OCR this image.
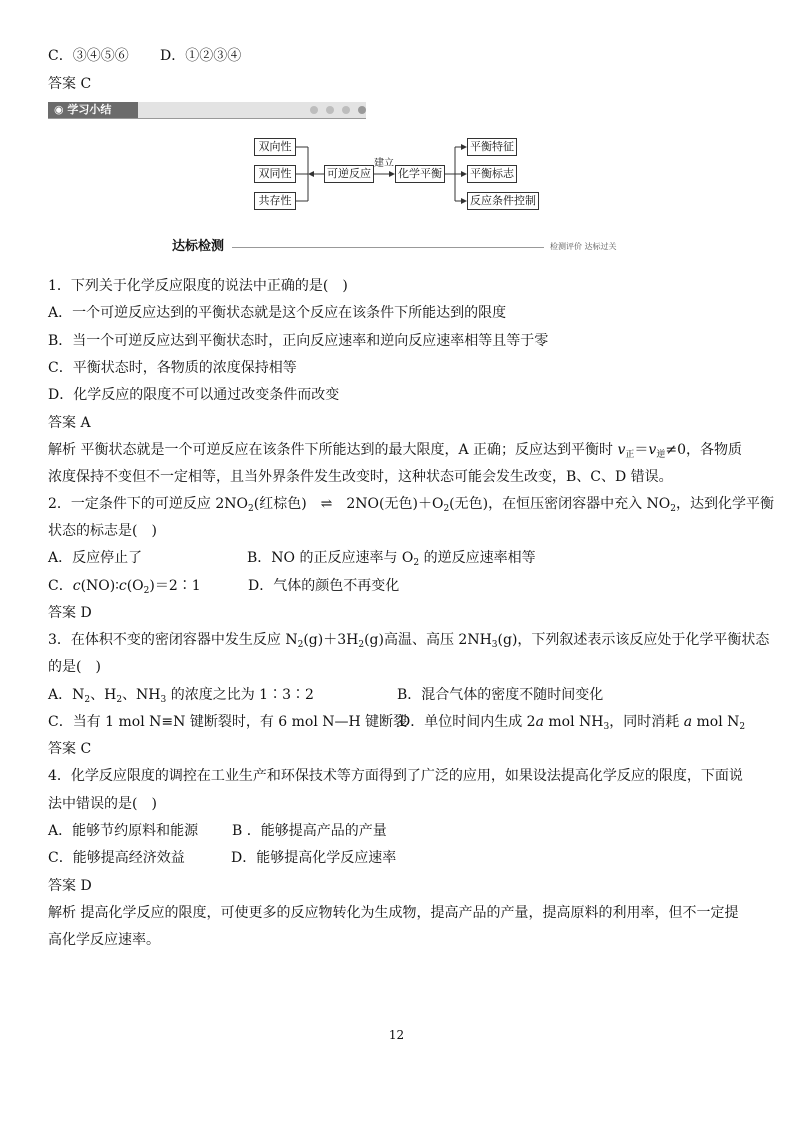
C．③④⑤⑥ D．①②③④
答案 C
◉ 学习小结
双向性
双同性
共存性
可逆反应
建立
化学平衡
平衡特征
平衡标志
反应条件控制
达标检测	检测评价 达标过关
1．下列关于化学反应限度的说法中正确的是(　)
A．一个可逆反应达到的平衡状态就是这个反应在该条件下所能达到的限度
B．当一个可逆反应达到平衡状态时，正向反应速率和逆向反应速率相等且等于零
C．平衡状态时，各物质的浓度保持相等
D．化学反应的限度不可以通过改变条件而改变
答案 A
解析 平衡状态就是一个可逆反应在该条件下所能达到的最大限度，A 正确；反应达到平衡时 $v_正=v_逆\ne 0$，各物质
浓度保持不变但不一定相等，且当外界条件发生改变时，这种状态可能会发生改变，B、C、D 错误。
2．一定条件下的可逆反应 $2NO_2$(红棕色)　⇌　2NO(无色)$+O_2$(无色)，在恒压密闭容器中充入 $NO_2$，达到化学平衡
状态的标志是(　)
A．反应停止了	B．NO 的正反应速率与 $O_2$ 的逆反应速率相等
C．$c(NO)∶c(O_2)=2∶1$	D．气体的颜色不再变化
答案 D
3．在体积不变的密闭容器中发生反应 $N_2(g)+3H_2(g)$高温、高压 $2NH_3(g)$，下列叙述表示该反应处于化学平衡状态
的是(　)
A．$N_2$、$H_2$、$NH_3$ 的浓度之比为 1∶3∶2	B．混合气体的密度不随时间变化
C．当有 1 mol N≡N 键断裂时，有 6 mol N—H 键断裂
D．单位时间内生成 2a mol $NH_3$，同时消耗 a mol $N_2$
答案 C
4．化学反应限度的调控在工业生产和环保技术等方面得到了广泛的应用，如果设法提高化学反应的限度，下面说
法中错误的是(　)
A．能够节约原料和能源 B ．能够提高产品的产量
C．能够提高经济效益	D．能够提高化学反应速率
答案 D
解析 提高化学反应的限度，可使更多的反应物转化为生成物，提高产品的产量，提高原料的利用率，但不一定提
高化学反应速率。
12
